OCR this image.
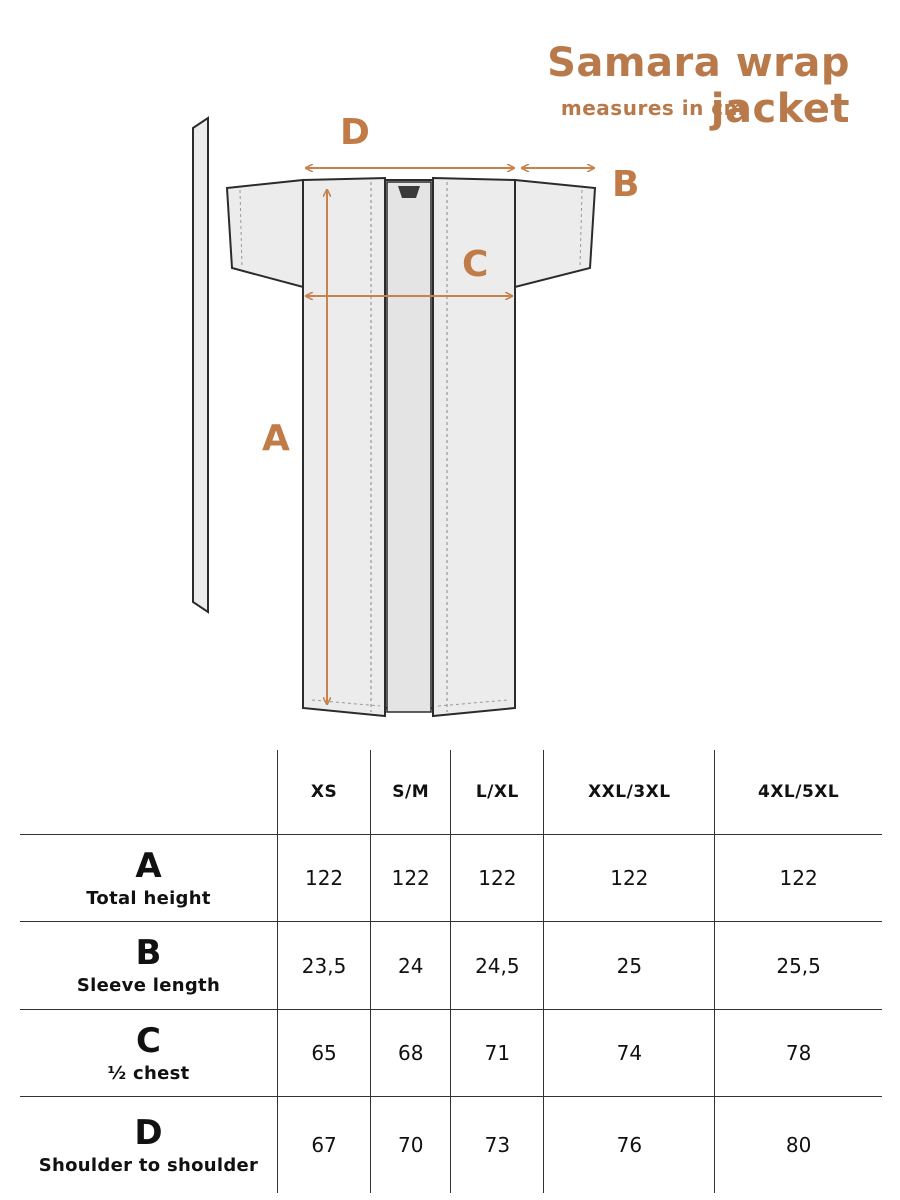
Samara wrap jacket
measures in cm
D
B
C
A
	XS	S/M	L/XL	XXL/3XL	4XL/5XL

A
Total height	122	122	122	122	122

B
Sleeve length	23,5	24	24,5	25	25,5

C
½ chest	65	68	71	74	78

D
Shoulder to shoulder	67	70	73	76	80
